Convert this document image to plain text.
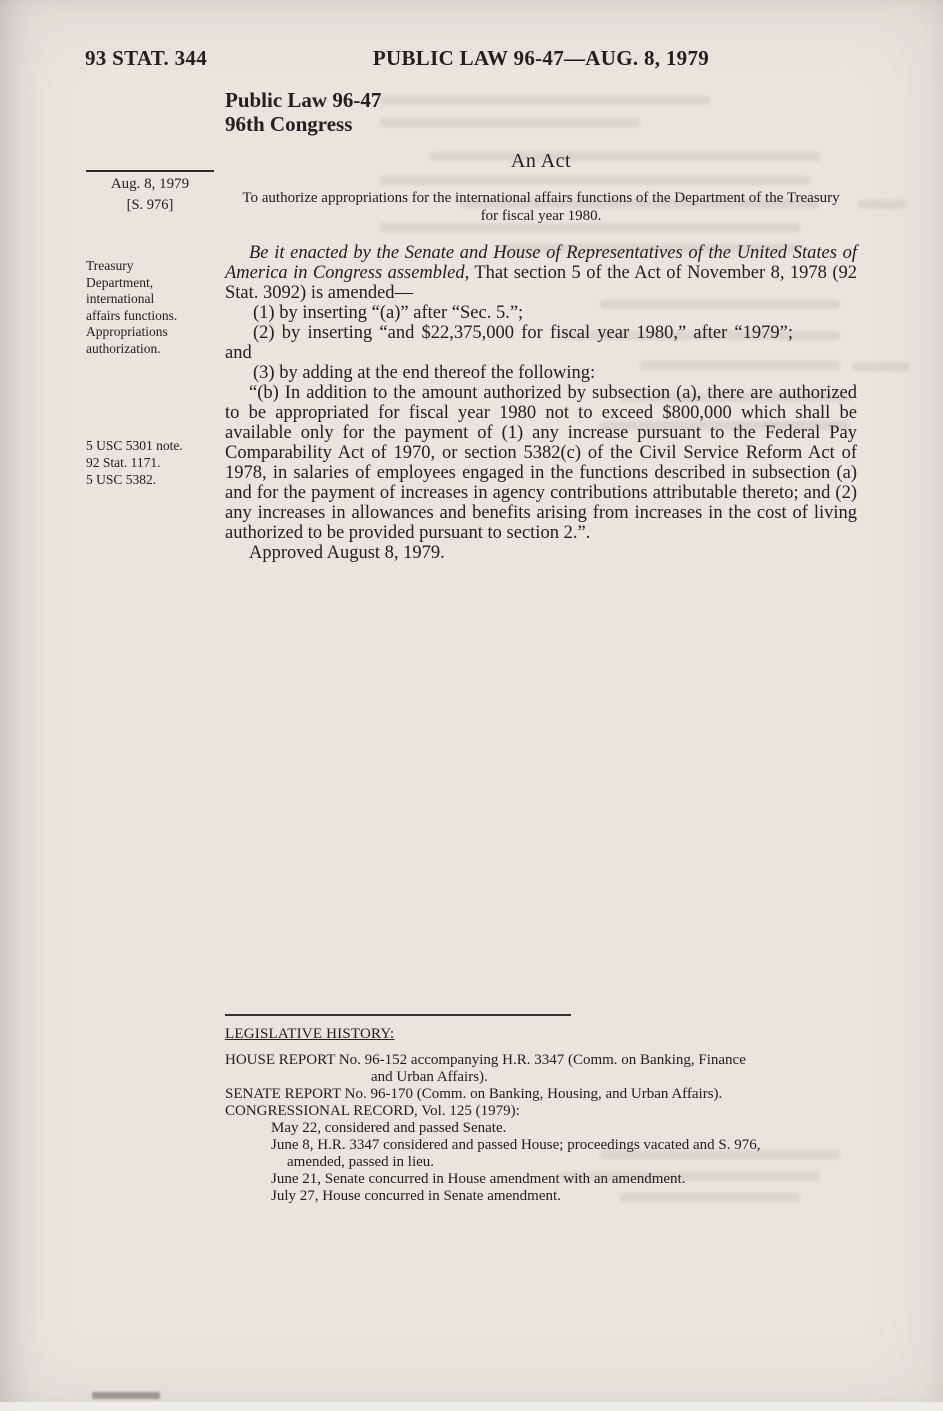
93 STAT. 344	PUBLIC LAW 96-47—AUG. 8, 1979
Aug. 8, 1979
[S. 976]
Treasury
Department,
international
affairs functions.
Appropriations
authorization.
5 USC 5301 note.
92 Stat. 1171.
5 USC 5382.
Public Law 96-47
96th Congress
An Act
To authorize appropriations for the international affairs functions of the Department of the Treasury for fiscal year 1980.

Be it enacted by the Senate and House of Representatives of the United States of America in Congress assembled, That section 5 of the Act of November 8, 1978 (92 Stat. 3092) is amended—

(1) by inserting “(a)” after “Sec. 5.”;

(2) by inserting “and $22,375,000 for fiscal year 1980,” after “1979”; and

(3) by adding at the end thereof the following:

“(b) In addition to the amount authorized by subsection (a), there are authorized to be appropriated for fiscal year 1980 not to exceed $800,000 which shall be available only for the payment of (1) any increase pursuant to the Federal Pay Comparability Act of 1970, or section 5382(c) of the Civil Service Reform Act of 1978, in salaries of employees engaged in the functions described in subsection (a) and for the payment of increases in agency contributions attributable thereto; and (2) any increases in allowances and benefits arising from increases in the cost of living authorized to be provided pursuant to section 2.”.

Approved August 8, 1979.

LEGISLATIVE HISTORY:
HOUSE REPORT No. 96-152 accompanying H.R. 3347 (Comm. on Banking, Finance
and Urban Affairs).
SENATE REPORT No. 96-170 (Comm. on Banking, Housing, and Urban Affairs).
CONGRESSIONAL RECORD, Vol. 125 (1979):
May 22, considered and passed Senate.
June 8, H.R. 3347 considered and passed House; proceedings vacated and S. 976,
amended, passed in lieu.
June 21, Senate concurred in House amendment with an amendment.
July 27, House concurred in Senate amendment.
